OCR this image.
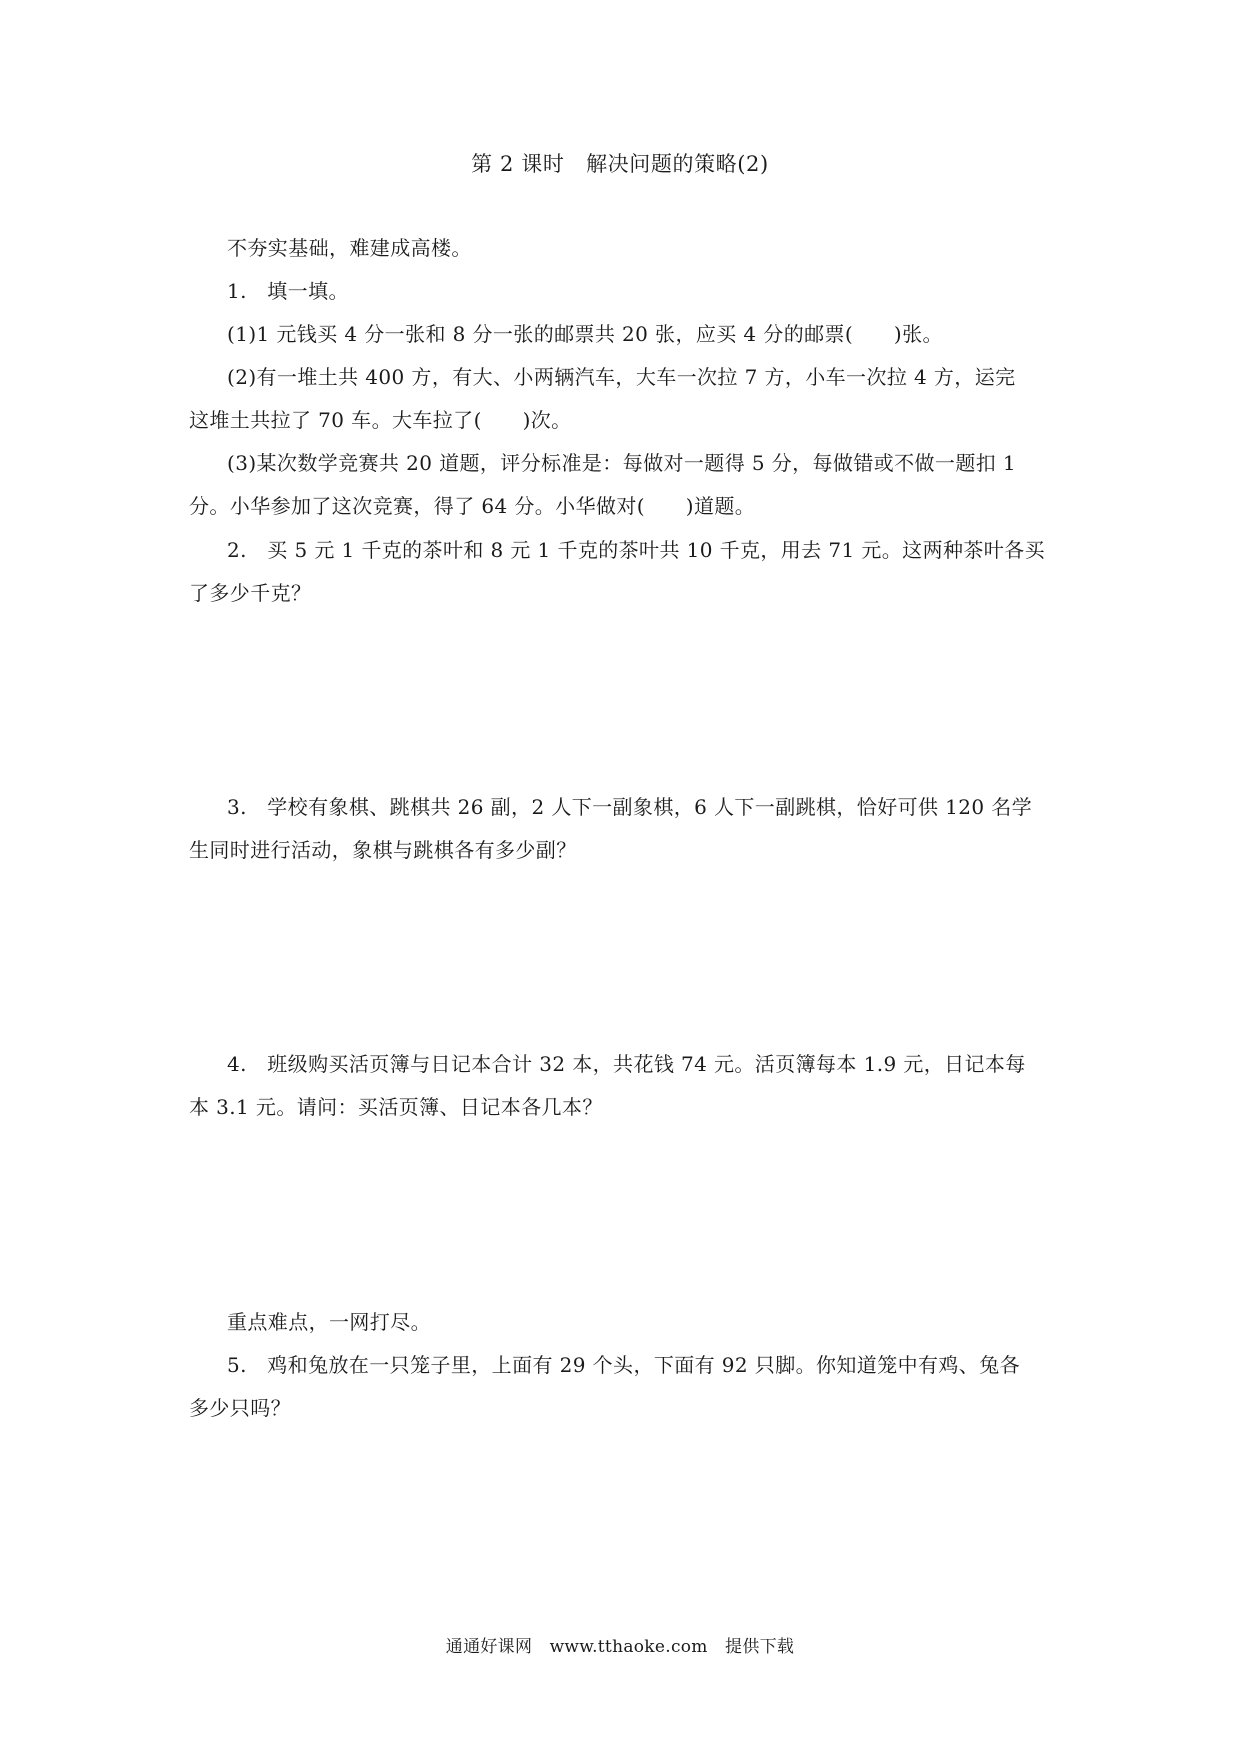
第 2 课时　解决问题的策略(2)
不夯实基础，难建成高楼。
1.　填一填。
(1)1 元钱买 4 分一张和 8 分一张的邮票共 20 张，应买 4 分的邮票(　　)张。
(2)有一堆土共 400 方，有大、小两辆汽车，大车一次拉 7 方，小车一次拉 4 方，运完
这堆土共拉了 70 车。大车拉了(　　)次。
(3)某次数学竞赛共 20 道题，评分标准是：每做对一题得 5 分，每做错或不做一题扣 1
分。小华参加了这次竞赛，得了 64 分。小华做对(　　)道题。
2.　买 5 元 1 千克的茶叶和 8 元 1 千克的茶叶共 10 千克，用去 71 元。这两种茶叶各买
了多少千克？
3.　学校有象棋、跳棋共 26 副，2 人下一副象棋，6 人下一副跳棋，恰好可供 120 名学
生同时进行活动，象棋与跳棋各有多少副？
4.　班级购买活页簿与日记本合计 32 本，共花钱 74 元。活页簿每本 1.9 元，日记本每
本 3.1 元。请问：买活页簿、日记本各几本？
重点难点，一网打尽。
5.　鸡和兔放在一只笼子里，上面有 29 个头，下面有 92 只脚。你知道笼中有鸡、兔各
多少只吗？
通通好课网　www.tthaoke.com　提供下载
